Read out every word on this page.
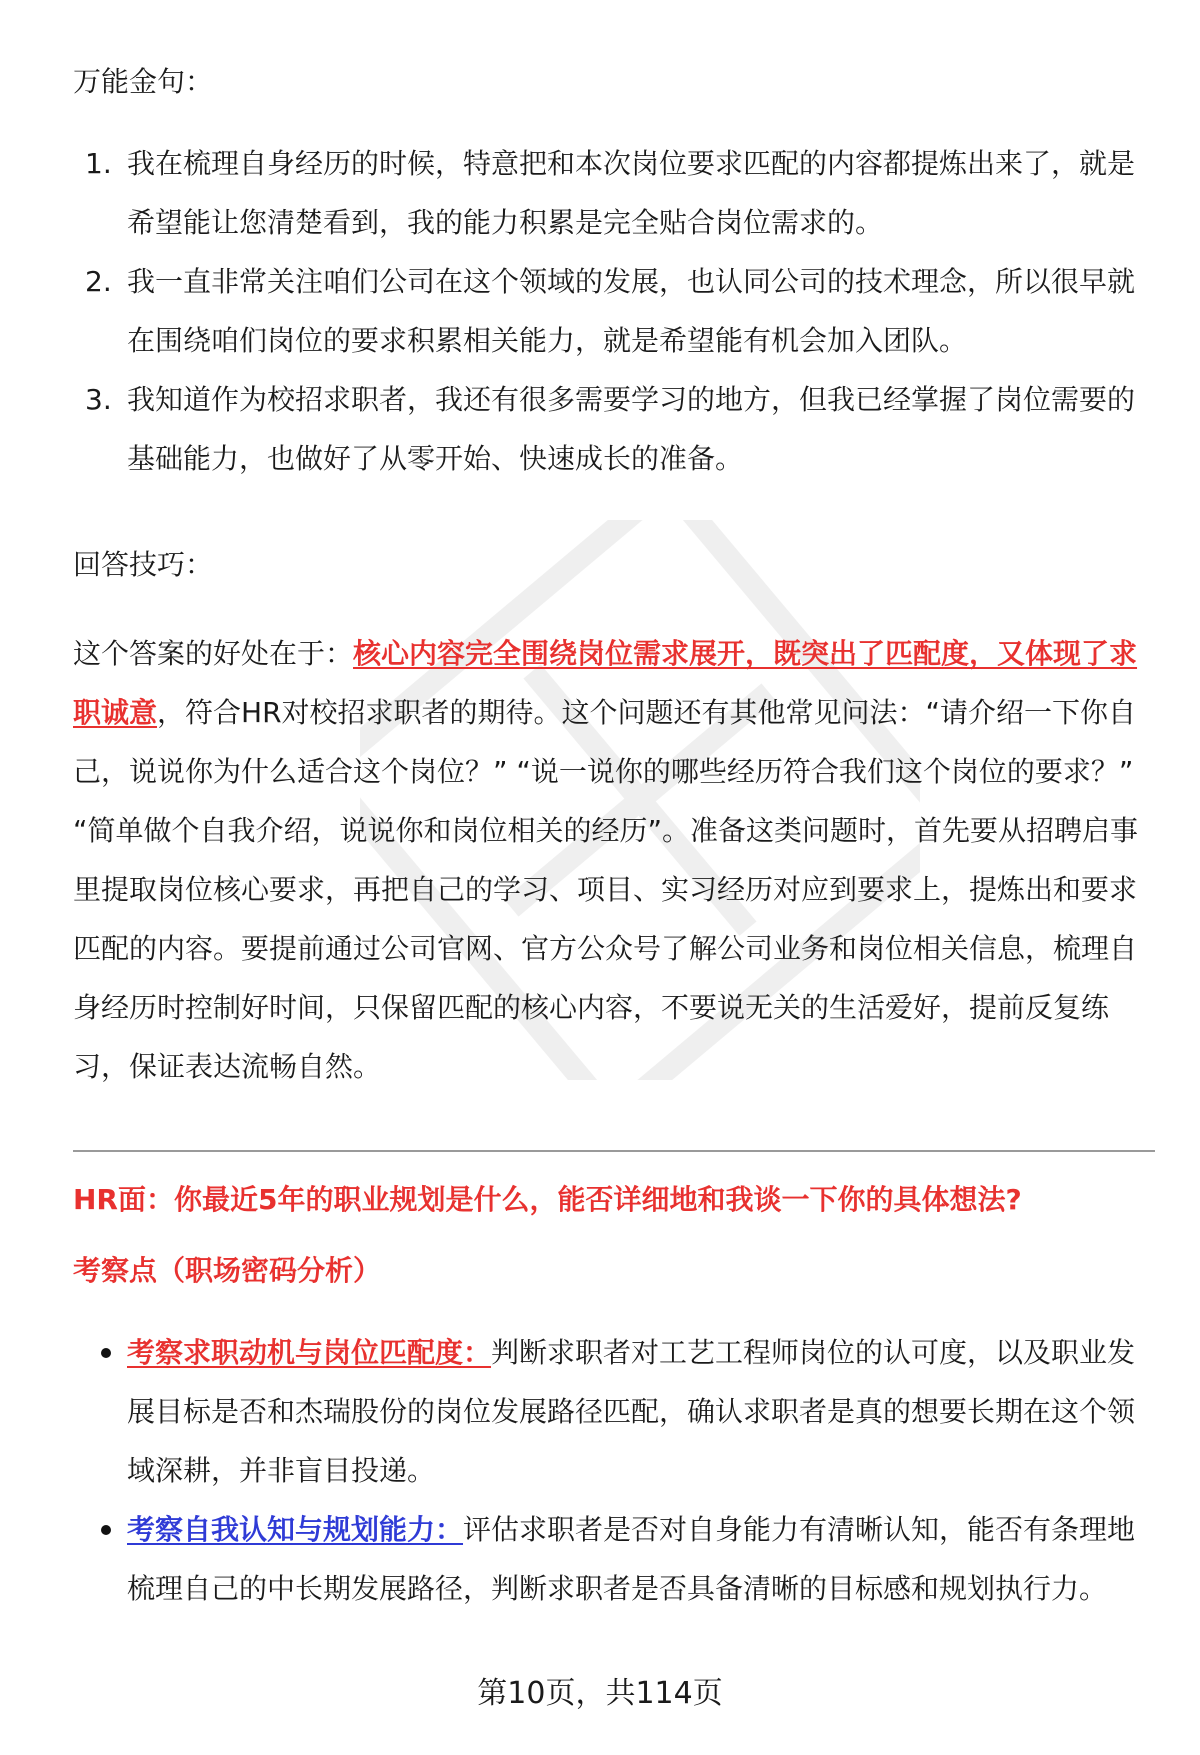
万能金句：

1. 我在梳理自身经历的时候，特意把和本次岗位要求匹配的内容都提炼出来了，就是希望能让您清楚看到，我的能力积累是完全贴合岗位需求的。
2. 我一直非常关注咱们公司在这个领域的发展，也认同公司的技术理念，所以很早就在围绕咱们岗位的要求积累相关能力，就是希望能有机会加入团队。
3. 我知道作为校招求职者，我还有很多需要学习的地方，但我已经掌握了岗位需要的基础能力，也做好了从零开始、快速成长的准备。

回答技巧：

这个答案的好处在于：核心内容完全围绕岗位需求展开，既突出了匹配度，又体现了求职诚意，符合HR对校招求职者的期待。这个问题还有其他常见问法：“请介绍一下你自己，说说你为什么适合这个岗位？” “说一说你的哪些经历符合我们这个岗位的要求？” “简单做个自我介绍，说说你和岗位相关的经历”。准备这类问题时，首先要从招聘启事里提取岗位核心要求，再把自己的学习、项目、实习经历对应到要求上，提炼出和要求匹配的内容。要提前通过公司官网、官方公众号了解公司业务和岗位相关信息，梳理自身经历时控制好时间，只保留匹配的核心内容，不要说无关的生活爱好，提前反复练习，保证表达流畅自然。

HR面：你最近5年的职业规划是什么，能否详细地和我谈一下你的具体想法?

考察点（职场密码分析）

考察求职动机与岗位匹配度：判断求职者对工艺工程师岗位的认可度，以及职业发展目标是否和杰瑞股份的岗位发展路径匹配，确认求职者是真的想要长期在这个领域深耕，并非盲目投递。
考察自我认知与规划能力：评估求职者是否对自身能力有清晰认知，能否有条理地梳理自己的中长期发展路径，判断求职者是否具备清晰的目标感和规划执行力。
第10页，共114页
